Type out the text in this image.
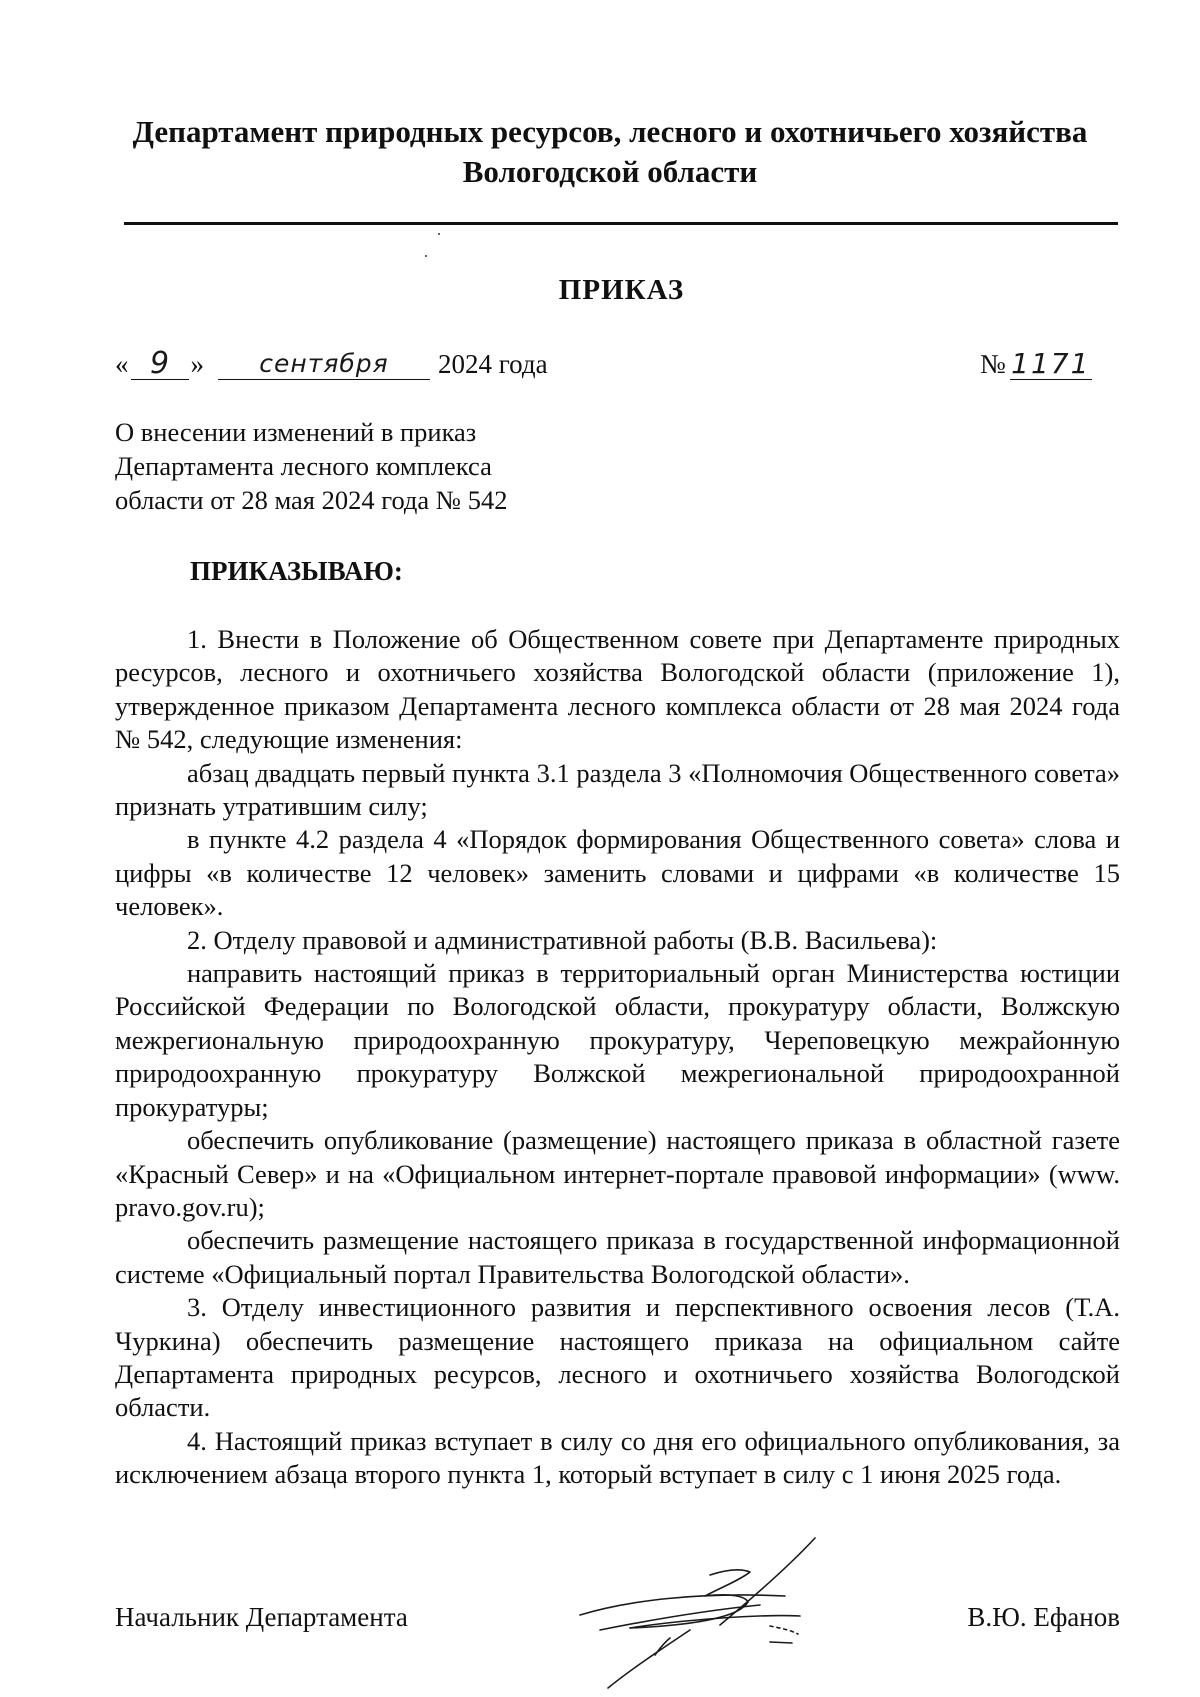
Департамент природных ресурсов, лесного и охотничьего хозяйства
Вологодской области
ПРИКАЗ
« 9 »	сентября	2024 года	№ 1171
О внесении изменений в приказ
Департамента лесного комплекса
области от 28 мая 2024 года № 542
ПРИКАЗЫВАЮ:

1. Внести в Положение об Общественном совете при Департаменте природных ресурсов, лесного и охотничьего хозяйства Вологодской области (приложение 1), утвержденное приказом Департамента лесного комплекса области от 28 мая 2024 года № 542, следующие изменения:

абзац двадцать первый пункта 3.1 раздела 3 «Полномочия Общественного совета» признать утратившим силу;

в пункте 4.2 раздела 4 «Порядок формирования Общественного совета» слова и цифры «в количестве 12 человек» заменить словами и цифрами «в количестве 15 человек».

2. Отделу правовой и административной работы (В.В. Васильева):

направить настоящий приказ в территориальный орган Министерства юстиции Российской Федерации по Вологодской области, прокуратуру области, Волжскую межрегиональную природоохранную прокуратуру, Череповецкую межрайонную природоохранную прокуратуру Волжской межрегиональной природоохранной прокуратуры;

обеспечить опубликование (размещение) настоящего приказа в областной газете «Красный Север» и на «Официальном интернет-портале правовой информации» (www. pravo.gov.ru);

обеспечить размещение настоящего приказа в государственной информационной системе «Официальный портал Правительства Вологодской области».

3. Отделу инвестиционного развития и перспективного освоения лесов (Т.А. Чуркина) обеспечить размещение настоящего приказа на официальном сайте Департамента природных ресурсов, лесного и охотничьего хозяйства Вологодской области.

4. Настоящий приказ вступает в силу со дня его официального опубликования, за исключением абзаца второго пункта 1, который вступает в силу с 1 июня 2025 года.

Начальник Департамента	В.Ю. Ефанов
